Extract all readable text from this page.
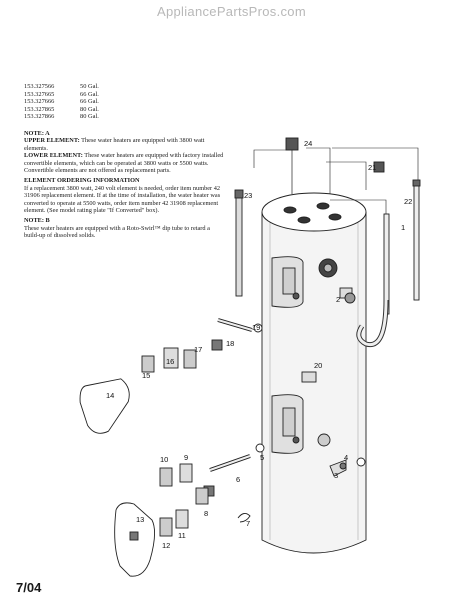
AppliancePartsPros.com
153.327566	50 Gal.
153.327665	66 Gal.
153.327666	66 Gal.
153.327865	80 Gal.
153.327866	80 Gal.
NOTE: A

UPPER ELEMENT: These water heaters are equipped with 3800 watt elements.

LOWER ELEMENT: These water heaters are equipped with factory installed convertible elements, which can be operated at 3800 watts or 5500 watts. Convertible elements are not offered as replacement parts.

ELEMENT ORDERING INFORMATION

If a replacement 3800 watt, 240 volt element is needed, order item number 42 31906 replacement element. If at the time of installation, the water heater was converted to operate at 5500 watts, order item number 42 31908 replacement element. (See model rating plate "If Converted" box).

NOTE: B

These water heaters are equipped with a Roto-Swirl™ dip tube to retard a build-up of dissolved solids.

24
21
23
22
1
2
19
18
17
16
15
14
20
5	4
3
6
9
10
8
11
12
7
13
7/04
